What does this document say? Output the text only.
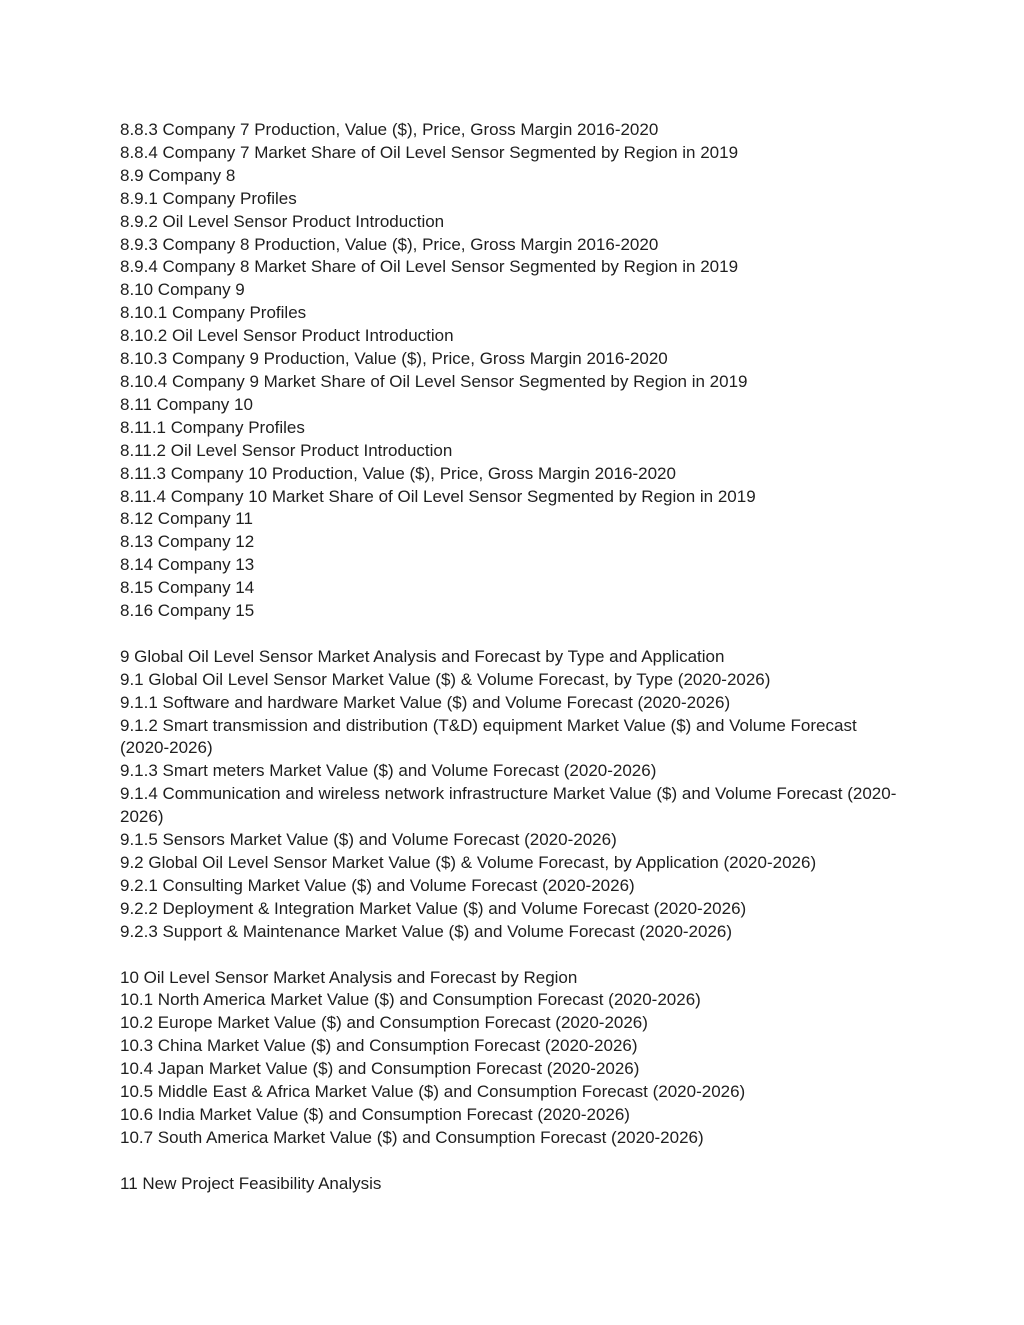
8.8.3 Company 7 Production, Value ($), Price, Gross Margin 2016-2020
8.8.4 Company 7 Market Share of Oil Level Sensor Segmented by Region in 2019
8.9 Company 8
8.9.1 Company Profiles
8.9.2 Oil Level Sensor Product Introduction
8.9.3 Company 8 Production, Value ($), Price, Gross Margin 2016-2020
8.9.4 Company 8 Market Share of Oil Level Sensor Segmented by Region in 2019
8.10 Company 9
8.10.1 Company Profiles
8.10.2 Oil Level Sensor Product Introduction
8.10.3 Company 9 Production, Value ($), Price, Gross Margin 2016-2020
8.10.4 Company 9 Market Share of Oil Level Sensor Segmented by Region in 2019
8.11 Company 10
8.11.1 Company Profiles
8.11.2 Oil Level Sensor Product Introduction
8.11.3 Company 10 Production, Value ($), Price, Gross Margin 2016-2020
8.11.4 Company 10 Market Share of Oil Level Sensor Segmented by Region in 2019
8.12 Company 11
8.13 Company 12
8.14 Company 13
8.15 Company 14
8.16 Company 15
9 Global Oil Level Sensor Market Analysis and Forecast by Type and Application
9.1 Global Oil Level Sensor Market Value ($) & Volume Forecast, by Type (2020-2026)
9.1.1 Software and hardware Market Value ($) and Volume Forecast (2020-2026)
9.1.2 Smart transmission and distribution (T&D) equipment Market Value ($) and Volume Forecast (2020-2026)
9.1.3 Smart meters Market Value ($) and Volume Forecast (2020-2026)
9.1.4 Communication and wireless network infrastructure Market Value ($) and Volume Forecast (2020-2026)
9.1.5 Sensors Market Value ($) and Volume Forecast (2020-2026)
9.2 Global Oil Level Sensor Market Value ($) & Volume Forecast, by Application (2020-2026)
9.2.1 Consulting Market Value ($) and Volume Forecast (2020-2026)
9.2.2 Deployment & Integration Market Value ($) and Volume Forecast (2020-2026)
9.2.3 Support & Maintenance Market Value ($) and Volume Forecast (2020-2026)
10 Oil Level Sensor Market Analysis and Forecast by Region
10.1 North America Market Value ($) and Consumption Forecast (2020-2026)
10.2 Europe Market Value ($) and Consumption Forecast (2020-2026)
10.3 China Market Value ($) and Consumption Forecast (2020-2026)
10.4 Japan Market Value ($) and Consumption Forecast (2020-2026)
10.5 Middle East & Africa Market Value ($) and Consumption Forecast (2020-2026)
10.6 India Market Value ($) and Consumption Forecast (2020-2026)
10.7 South America Market Value ($) and Consumption Forecast (2020-2026)
11 New Project Feasibility Analysis
